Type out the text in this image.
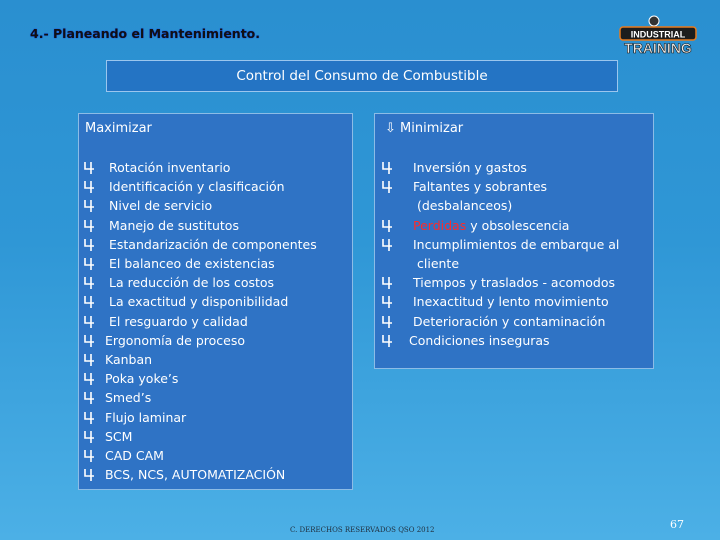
4.- Planeando el Mantenimiento.	INDUSTRIAL
TRAINING
Control del Consumo de Combustible
Maximizar
Rotación inventario
Identificación y clasificación
Nivel de servicio
Manejo de sustitutos
Estandarización de componentes
El balanceo de existencias
La reducción de los costos
La exactitud y disponibilidad
El resguardo y calidad
Ergonomía de proceso
Kanban
Poka yoke’s
Smed’s
Flujo laminar
SCM
CAD CAM
BCS, NCS, AUTOMATIZACIÓN
⇩ Minimizar
Inversión y gastos
Faltantes y sobrantes
(desbalanceos)
Perdidas y obsolescencia
Incumplimientos de embarque al
cliente
Tiempos y traslados - acomodos
Inexactitud y lento movimiento
Deterioración y contaminación
Condiciones inseguras
C. DERECHOS RESERVADOS QSO 2012	67
